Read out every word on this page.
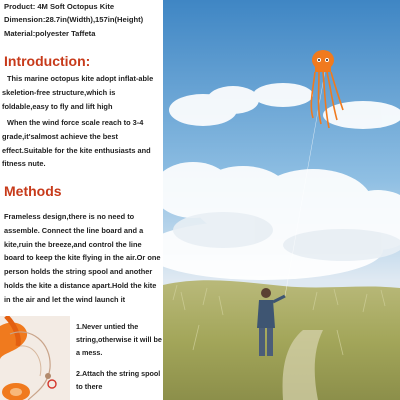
Product: 4M Soft Octopus Kite
Dimension:28.7in(Width),157in(Height)
Material:polyester Taffeta
Introduction:
This marine octopus kite adopt inflat-able skeletion-free structure,which is foldable,easy to fly and lift high
When the wind force scale reach to 3-4 grade,it'salmost achieve the best effect.Suitable for the kite enthusiasts and fitness nute.
Methods
Frameless design,there is no need to assemble. Connect the line board and a kite,ruin the breeze,and control the line board to keep the kite flying in the air.Or one person holds the string spool and another holds the kite a distance apart.Hold the kite in the air and let the wind launch it
1.Never untied the string,otherwise it will be a mess.
2.Attach the string spool to there
